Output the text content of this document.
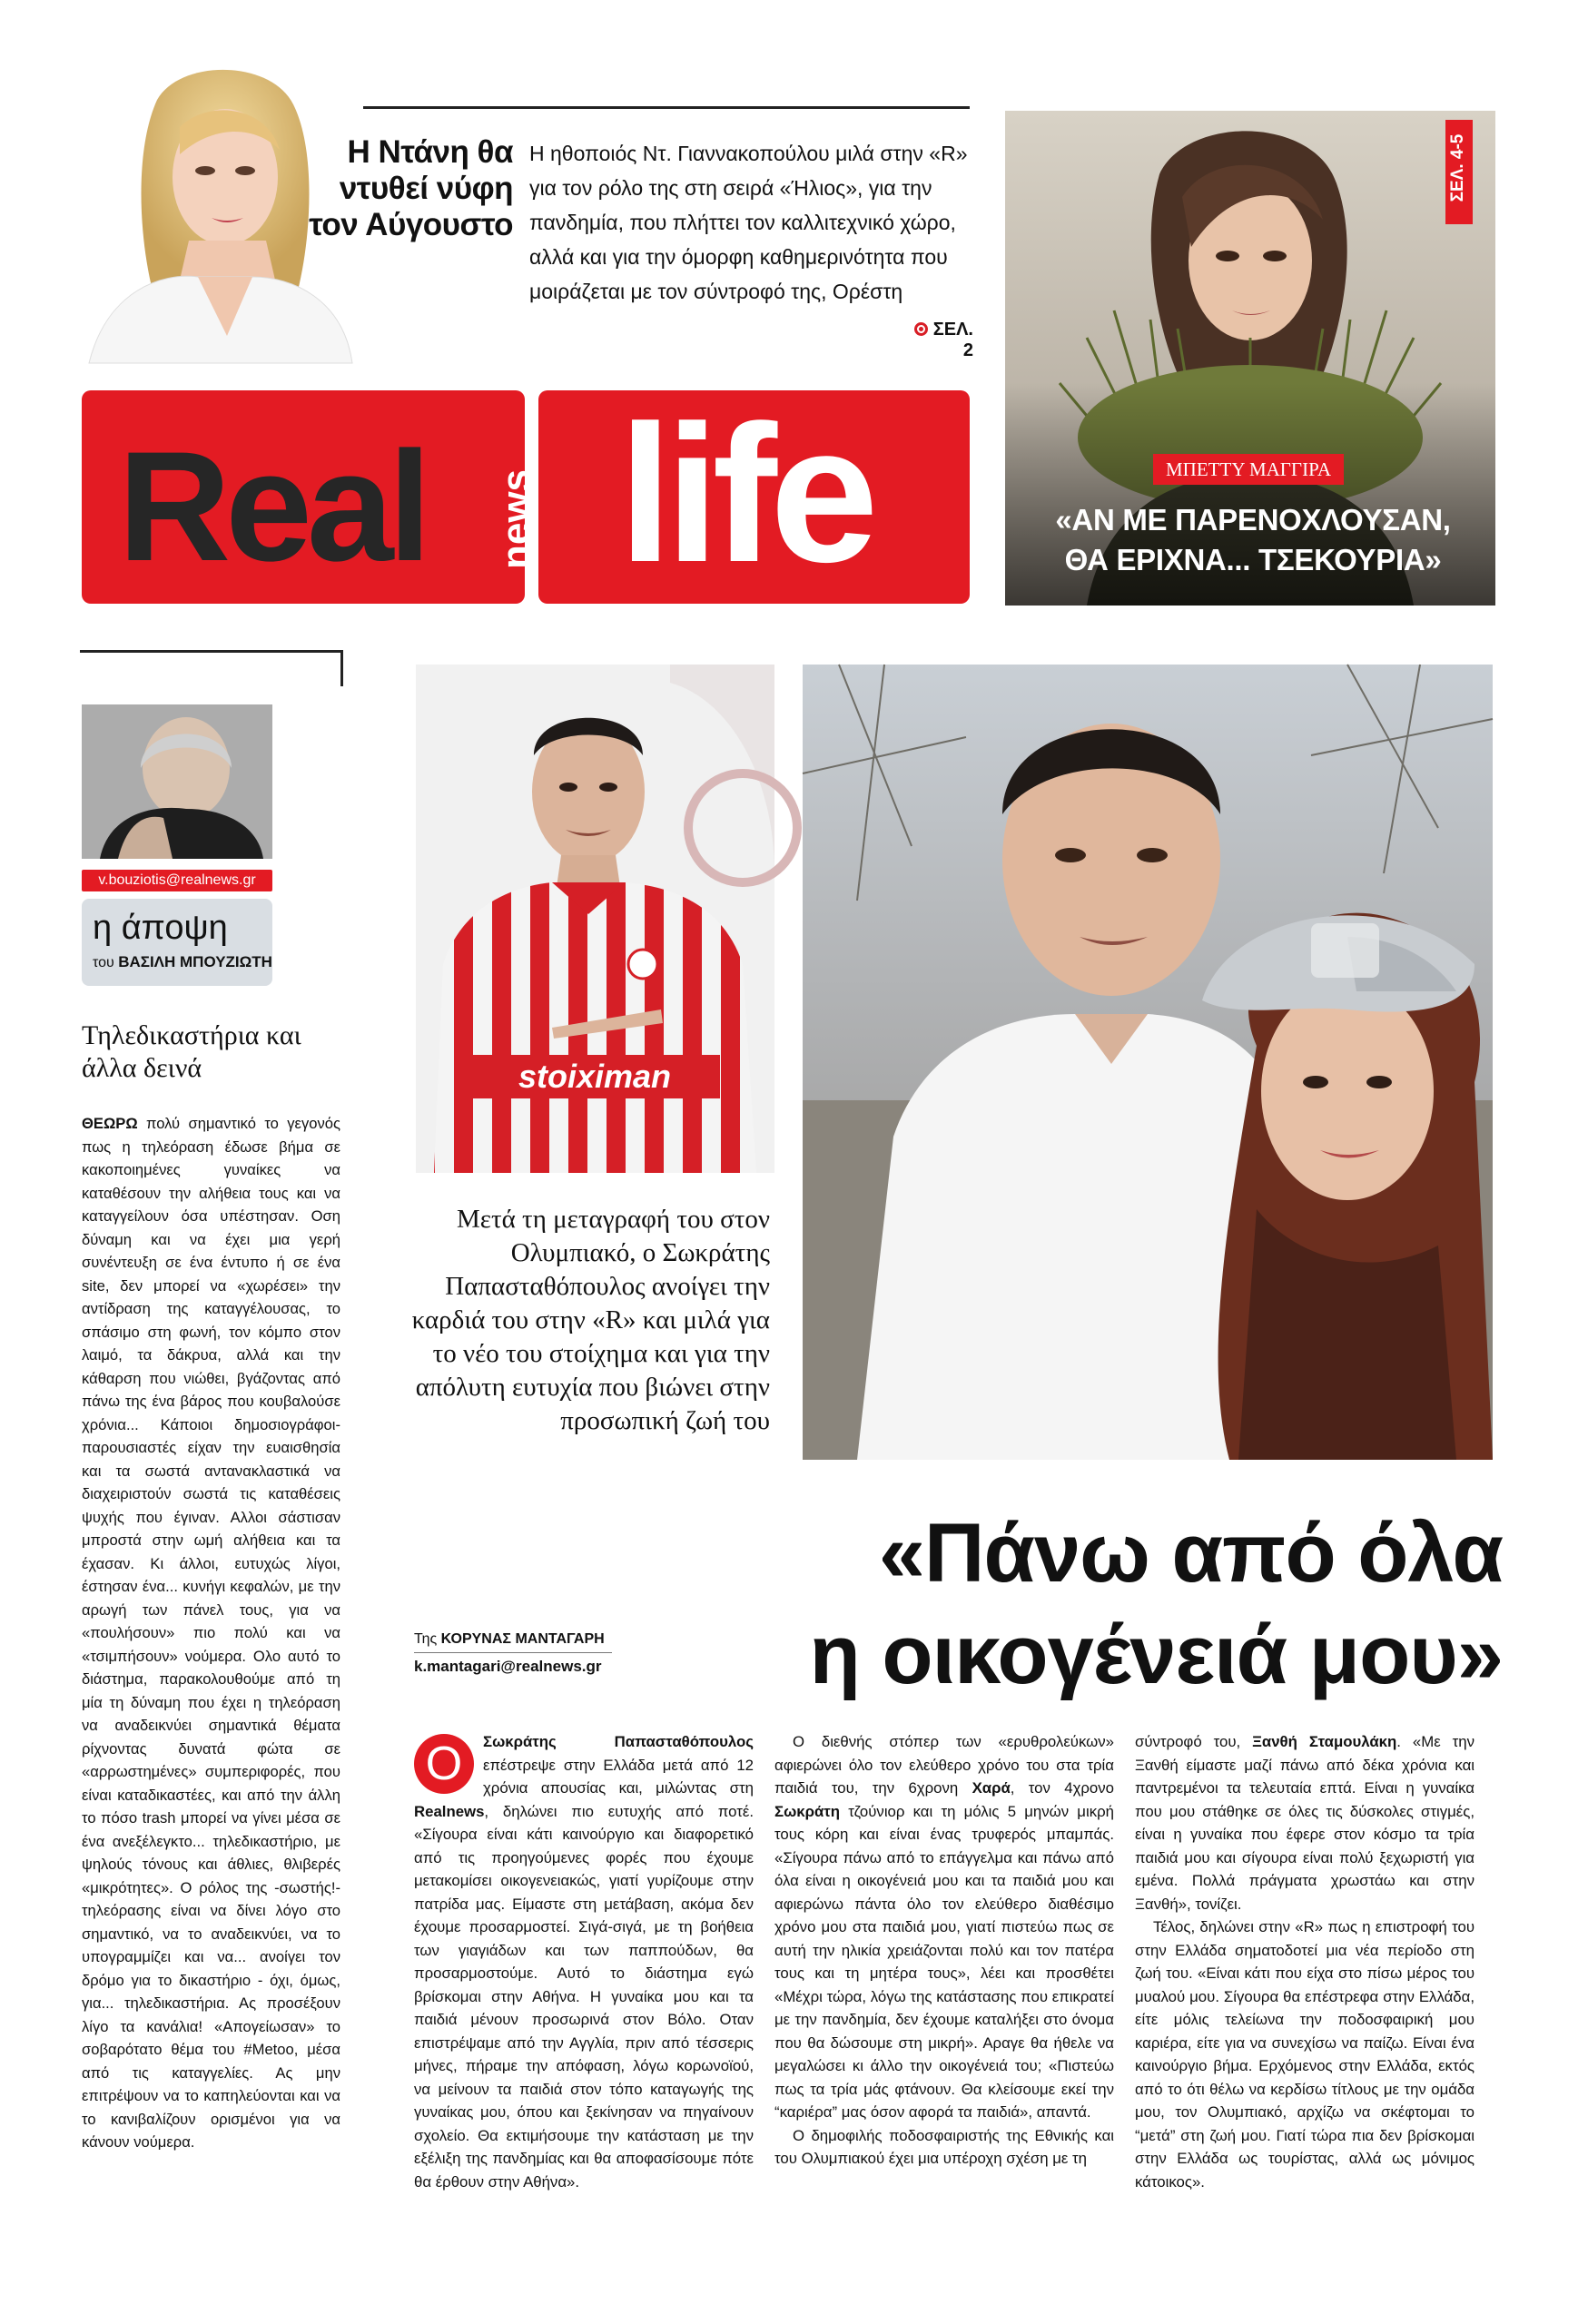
Η Ντάνη θα ντυθεί νύφη τον Αύγουστο
Η ηθοποιός Ντ. Γιαννακοπούλου μιλά στην «R» για τον ρόλο της στη σειρά «Ήλιος», για την πανδημία, που πλήττει τον καλλιτεχνικό χώρο, αλλά και για την όμορφη καθημερινότητα που μοιράζεται με τον σύντροφό της, Ορέστη
ΣΕΛ. 2
Real news life
ΣΕΛ. 4-5
ΜΠΕΤΤΥ ΜΑΓΓΙΡΑ
«ΑΝ ΜΕ ΠΑΡΕΝΟΧΛΟΥΣΑΝ, ΘΑ ΕΡΙΧΝΑ... ΤΣΕΚΟΥΡΙΑ»
v.bouziotis@realnews.gr
η άποψη
του ΒΑΣΙΛΗ ΜΠΟΥΖΙΩΤΗ
Τηλεδικαστήρια και άλλα δεινά
ΘΕΩΡΩ πολύ σημαντικό το γεγονός πως η τηλεόραση έδωσε βήμα σε κακοποιημένες γυναίκες να καταθέσουν την αλήθεια τους και να καταγγείλουν όσα υπέστησαν. Οση δύναμη και να έχει μια γερή συνέντευξη σε ένα έντυπο ή σε ένα site, δεν μπορεί να «χωρέσει» την αντίδραση της καταγγέλουσας, το σπάσιμο στη φωνή, τον κόμπο στον λαιμό, τα δάκρυα, αλλά και την κάθαρση που νιώθει, βγάζοντας από πάνω της ένα βάρος που κουβαλούσε χρόνια... Κάποιοι δημοσιογράφοι-παρουσιαστές είχαν την ευαισθησία και τα σωστά αντανακλαστικά να διαχειριστούν σωστά τις καταθέσεις ψυχής που έγιναν. Αλλοι σάστισαν μπροστά στην ωμή αλήθεια και τα έχασαν. Κι άλλοι, ευτυχώς λίγοι, έστησαν ένα... κυνήγι κεφαλών, με την αρωγή των πάνελ τους, για να «πουλήσουν» πιο πολύ και να «τσιμπήσουν» νούμερα. Ολο αυτό το διάστημα, παρακολουθούμε από τη μία τη δύναμη που έχει η τηλεόραση να αναδεικνύει σημαντικά θέματα ρίχνοντας δυνατά φώτα σε «αρρωστημένες» συμπεριφορές, που είναι καταδικαστέες, και από την άλλη το πόσο trash μπορεί να γίνει μέσα σε ένα ανεξέλεγκτο... τηλεδικαστήριο, με ψηλούς τόνους και άθλιες, θλιβερές «μικρότητες». Ο ρόλος της -σωστής!- τηλεόρασης είναι να δίνει λόγο στο σημαντικό, να το αναδεικνύει, να το υπογραμμίζει και να... ανοίγει τον δρόμο για το δικαστήριο - όχι, όμως, για... τηλεδικαστήρια. Ας προσέξουν λίγο τα κανάλια! «Απογείωσαν» το σοβαρότατο θέμα του #Metoo, μέσα από τις καταγγελίες. Ας μην επιτρέψουν να το καπηλεύονται και να το κανιβαλίζουν ορισμένοι για να κάνουν νούμερα.
stoiximan
Μετά τη μεταγραφή του στον Ολυμπιακό, ο Σωκράτης Παπασταθόπουλος ανοίγει την καρδιά του στην «R» και μιλά για το νέο του στοίχημα και για την απόλυτη ευτυχία που βιώνει στην προσωπική ζωή του
«Πάνω από όλα
η οικογένειά μου»
Της ΚΟΡΥΝΑΣ ΜΑΝΤΑΓΑΡΗ
k.mantagari@realnews.gr
Ο	Σωκράτης Παπασταθόπουλος επέστρεψε στην Ελλάδα μετά από 12 χρόνια απουσίας και, μιλώντας στη Realnews, δηλώνει πιο ευτυχής από ποτέ. «Σίγουρα είναι κάτι καινούργιο και διαφορετικό από τις προηγούμενες φορές που έχουμε μετακομίσει οικογενειακώς, γιατί γυρίζουμε στην πατρίδα μας. Είμαστε στη μετάβαση, ακόμα δεν έχουμε προσαρμοστεί. Σιγά-σιγά, με τη βοήθεια των γιαγιάδων και των παππούδων, θα προσαρμοστούμε. Αυτό το διάστημα εγώ βρίσκομαι στην Αθήνα. Η γυναίκα μου και τα παιδιά μένουν προσωρινά στον Βόλο. Οταν επιστρέψαμε από την Αγγλία, πριν από τέσσερις μήνες, πήραμε την απόφαση, λόγω κορωνοϊού, να μείνουν τα παιδιά στον τόπο καταγωγής της γυναίκας μου, όπου και ξεκίνησαν να πηγαίνουν σχολείο. Θα εκτιμήσουμε την κατάσταση με την εξέλιξη της πανδημίας και θα αποφασίσουμε πότε θα έρθουν στην Αθήνα».
Ο διεθνής στόπερ των «ερυθρολεύκων» αφιερώνει όλο τον ελεύθερο χρόνο του στα τρία παιδιά του, την 6χρονη Χαρά, τον 4χρονο Σωκράτη τζούνιορ και τη μόλις 5 μηνών μικρή τους κόρη και είναι ένας τρυφερός μπαμπάς. «Σίγουρα πάνω από το επάγγελμα και πάνω από όλα είναι η οικογένειά μου και τα παιδιά μου και αφιερώνω πάντα όλο τον ελεύθερο διαθέσιμο χρόνο μου στα παιδιά μου, γιατί πιστεύω πως σε αυτή την ηλικία χρειάζονται πολύ και τον πατέρα τους και τη μητέρα τους», λέει και προσθέτει «Μέχρι τώρα, λόγω της κατάστασης που επικρατεί με την πανδημία, δεν έχουμε καταλήξει στο όνομα που θα δώσουμε στη μικρή». Αραγε θα ήθελε να μεγαλώσει κι άλλο την οικογένειά του; «Πιστεύω πως τα τρία μάς φτάνουν. Θα κλείσουμε εκεί την “καριέρα” μας όσον αφορά τα παιδιά», απαντά.
Ο δημοφιλής ποδοσφαιριστής της Εθνικής και του Ολυμπιακού έχει μια υπέροχη σχέση με τη
σύντροφό του, Ξανθή Σταμουλάκη. «Με την Ξανθή είμαστε μαζί πάνω από δέκα χρόνια και παντρεμένοι τα τελευταία επτά. Είναι η γυναίκα που μου στάθηκε σε όλες τις δύσκολες στιγμές, είναι η γυναίκα που έφερε στον κόσμο τα τρία παιδιά μου και σίγουρα είναι πολύ ξεχωριστή για εμένα. Πολλά πράγματα χρωστάω και στην Ξανθή», τονίζει.
Τέλος, δηλώνει στην «R» πως η επιστροφή του στην Ελλάδα σηματοδοτεί μια νέα περίοδο στη ζωή του. «Είναι κάτι που είχα στο πίσω μέρος του μυαλού μου. Σίγουρα θα επέστρεφα στην Ελλάδα, είτε μόλις τελείωνα την ποδοσφαιρική μου καριέρα, είτε για να συνεχίσω να παίζω. Είναι ένα καινούργιο βήμα. Ερχόμενος στην Ελλάδα, εκτός από το ότι θέλω να κερδίσω τίτλους με την ομάδα μου, τον Ολυμπιακό, αρχίζω να σκέφτομαι το “μετά” στη ζωή μου. Γιατί τώρα πια δεν βρίσκομαι στην Ελλάδα ως τουρίστας, αλλά ως μόνιμος κάτοικος».
